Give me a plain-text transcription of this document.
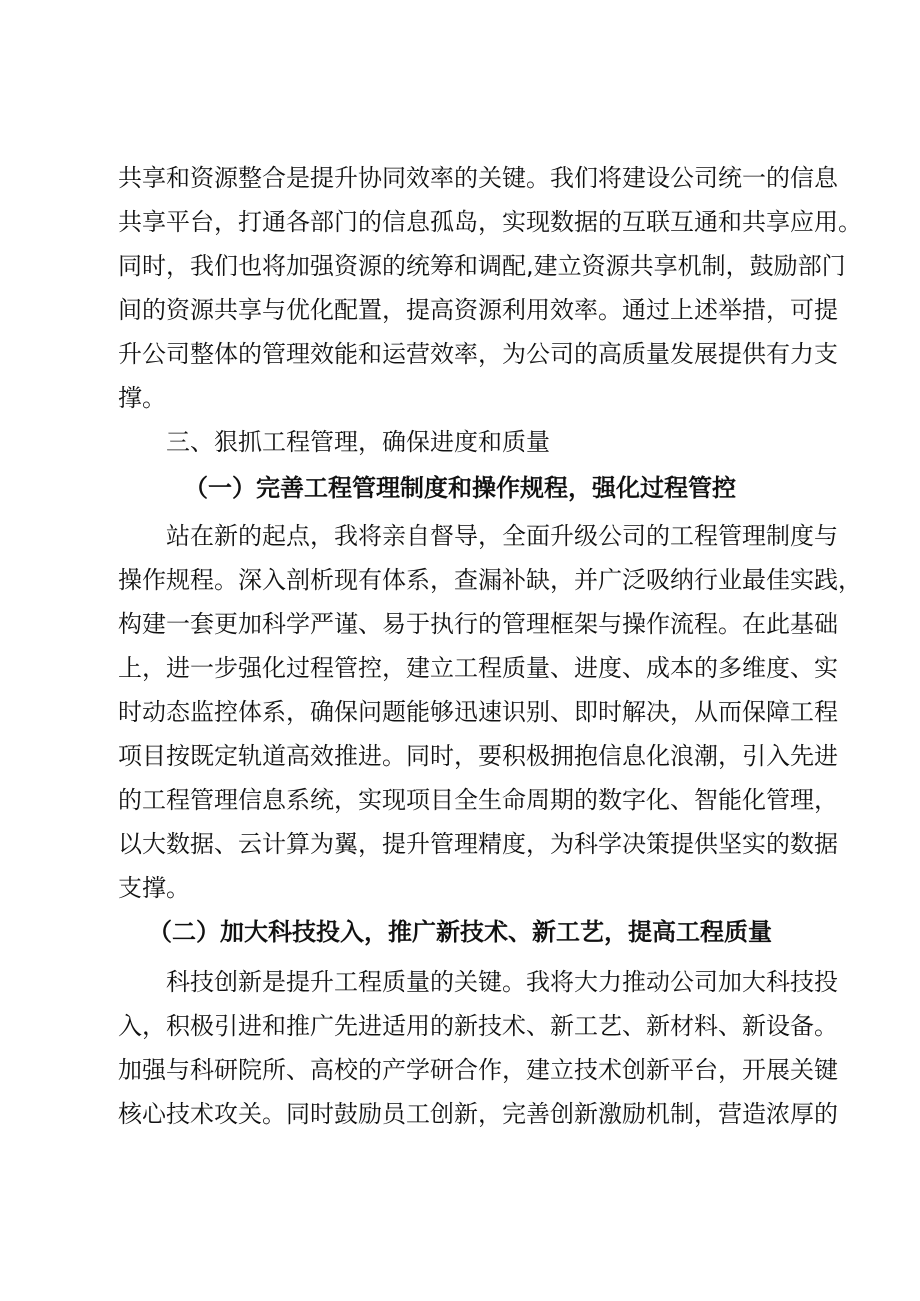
共享和资源整合是提升协同效率的关键。我们将建设公司统一的信息
共享平台，打通各部门的信息孤岛，实现数据的互联互通和共享应用。
同时，我们也将加强资源的统筹和调配,建立资源共享机制，鼓励部门
间的资源共享与优化配置，提高资源利用效率。通过上述举措，可提
升公司整体的管理效能和运营效率，为公司的高质量发展提供有力支
撑。
三、狠抓工程管理，确保进度和质量
（一）完善工程管理制度和操作规程，强化过程管控
站在新的起点，我将亲自督导，全面升级公司的工程管理制度与
操作规程。深入剖析现有体系，查漏补缺，并广泛吸纳行业最佳实践，
构建一套更加科学严谨、易于执行的管理框架与操作流程。在此基础
上，进一步强化过程管控，建立工程质量、进度、成本的多维度、实
时动态监控体系，确保问题能够迅速识别、即时解决，从而保障工程
项目按既定轨道高效推进。同时，要积极拥抱信息化浪潮，引入先进
的工程管理信息系统，实现项目全生命周期的数字化、智能化管理，
以大数据、云计算为翼，提升管理精度，为科学决策提供坚实的数据
支撑。
（二）加大科技投入，推广新技术、新工艺，提高工程质量
科技创新是提升工程质量的关键。我将大力推动公司加大科技投
入，积极引进和推广先进适用的新技术、新工艺、新材料、新设备。
加强与科研院所、高校的产学研合作，建立技术创新平台，开展关键
核心技术攻关。同时鼓励员工创新，完善创新激励机制，营造浓厚的
